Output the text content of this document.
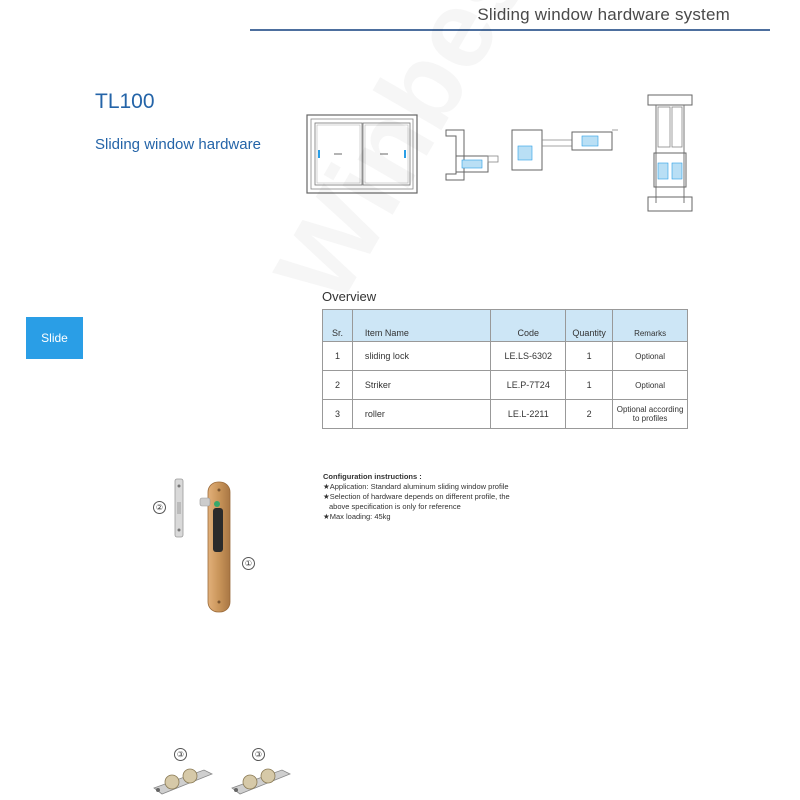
Sliding window hardware system
TL100
Sliding window hardware
Slide
Overview
Sr.	Item Name	Code	Quantity	Remarks
1	sliding lock	LE.LS-6302	1	Optional
2	Striker	LE.P-7T24	1	Optional
3	roller	LE.L-2211	2	Optional according to profiles
Configuration instructions :
★Application: Standard aluminum sliding window profile
★Selection of hardware depends on different profile, the
above specification is only for reference
★Max loading: 45kg
②
①
③	③
